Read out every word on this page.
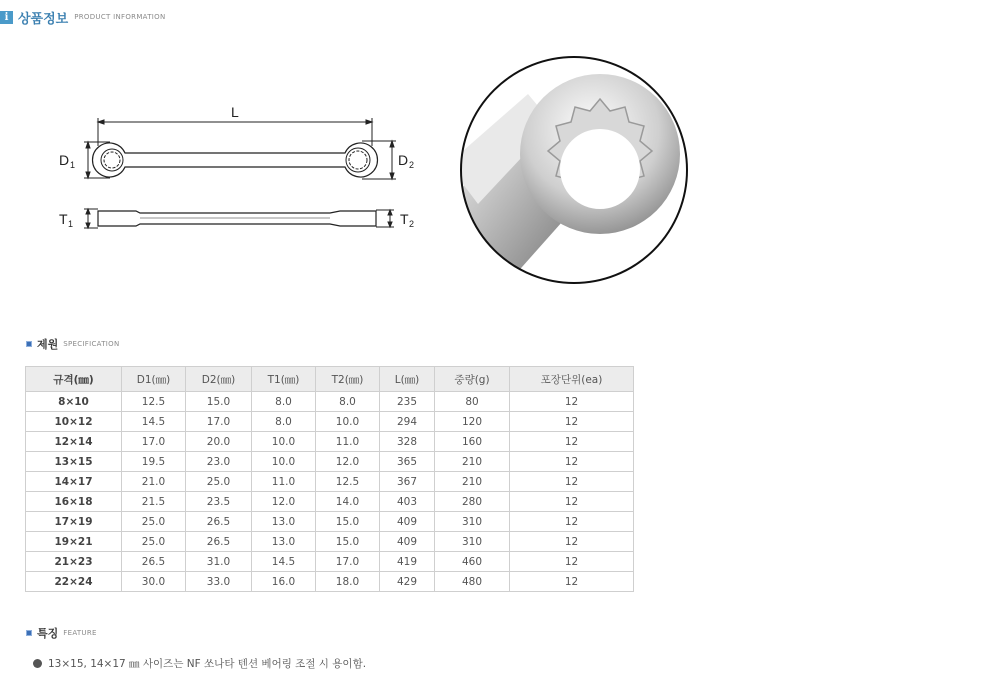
i 상품정보 PRODUCT INFORMATION
L
D 1	D 2
T 1	T 2
제원 SPECIFICATION
규격(㎜)	D1(㎜)	D2(㎜)	T1(㎜)	T2(㎜)	L(㎜)	중량(g)	포장단위(ea)
8×10	12.5	15.0	8.0	8.0	235	80	12
10×12	14.5	17.0	8.0	10.0	294	120	12
12×14	17.0	20.0	10.0	11.0	328	160	12
13×15	19.5	23.0	10.0	12.0	365	210	12
14×17	21.0	25.0	11.0	12.5	367	210	12
16×18	21.5	23.5	12.0	14.0	403	280	12
17×19	25.0	26.5	13.0	15.0	409	310	12
19×21	25.0	26.5	13.0	15.0	409	310	12
21×23	26.5	31.0	14.5	17.0	419	460	12
22×24	30.0	33.0	16.0	18.0	429	480	12
특징 FEATURE
13×15, 14×17 ㎜ 사이즈는 NF 쏘나타 텐션 베어링 조절 시 용이함.
